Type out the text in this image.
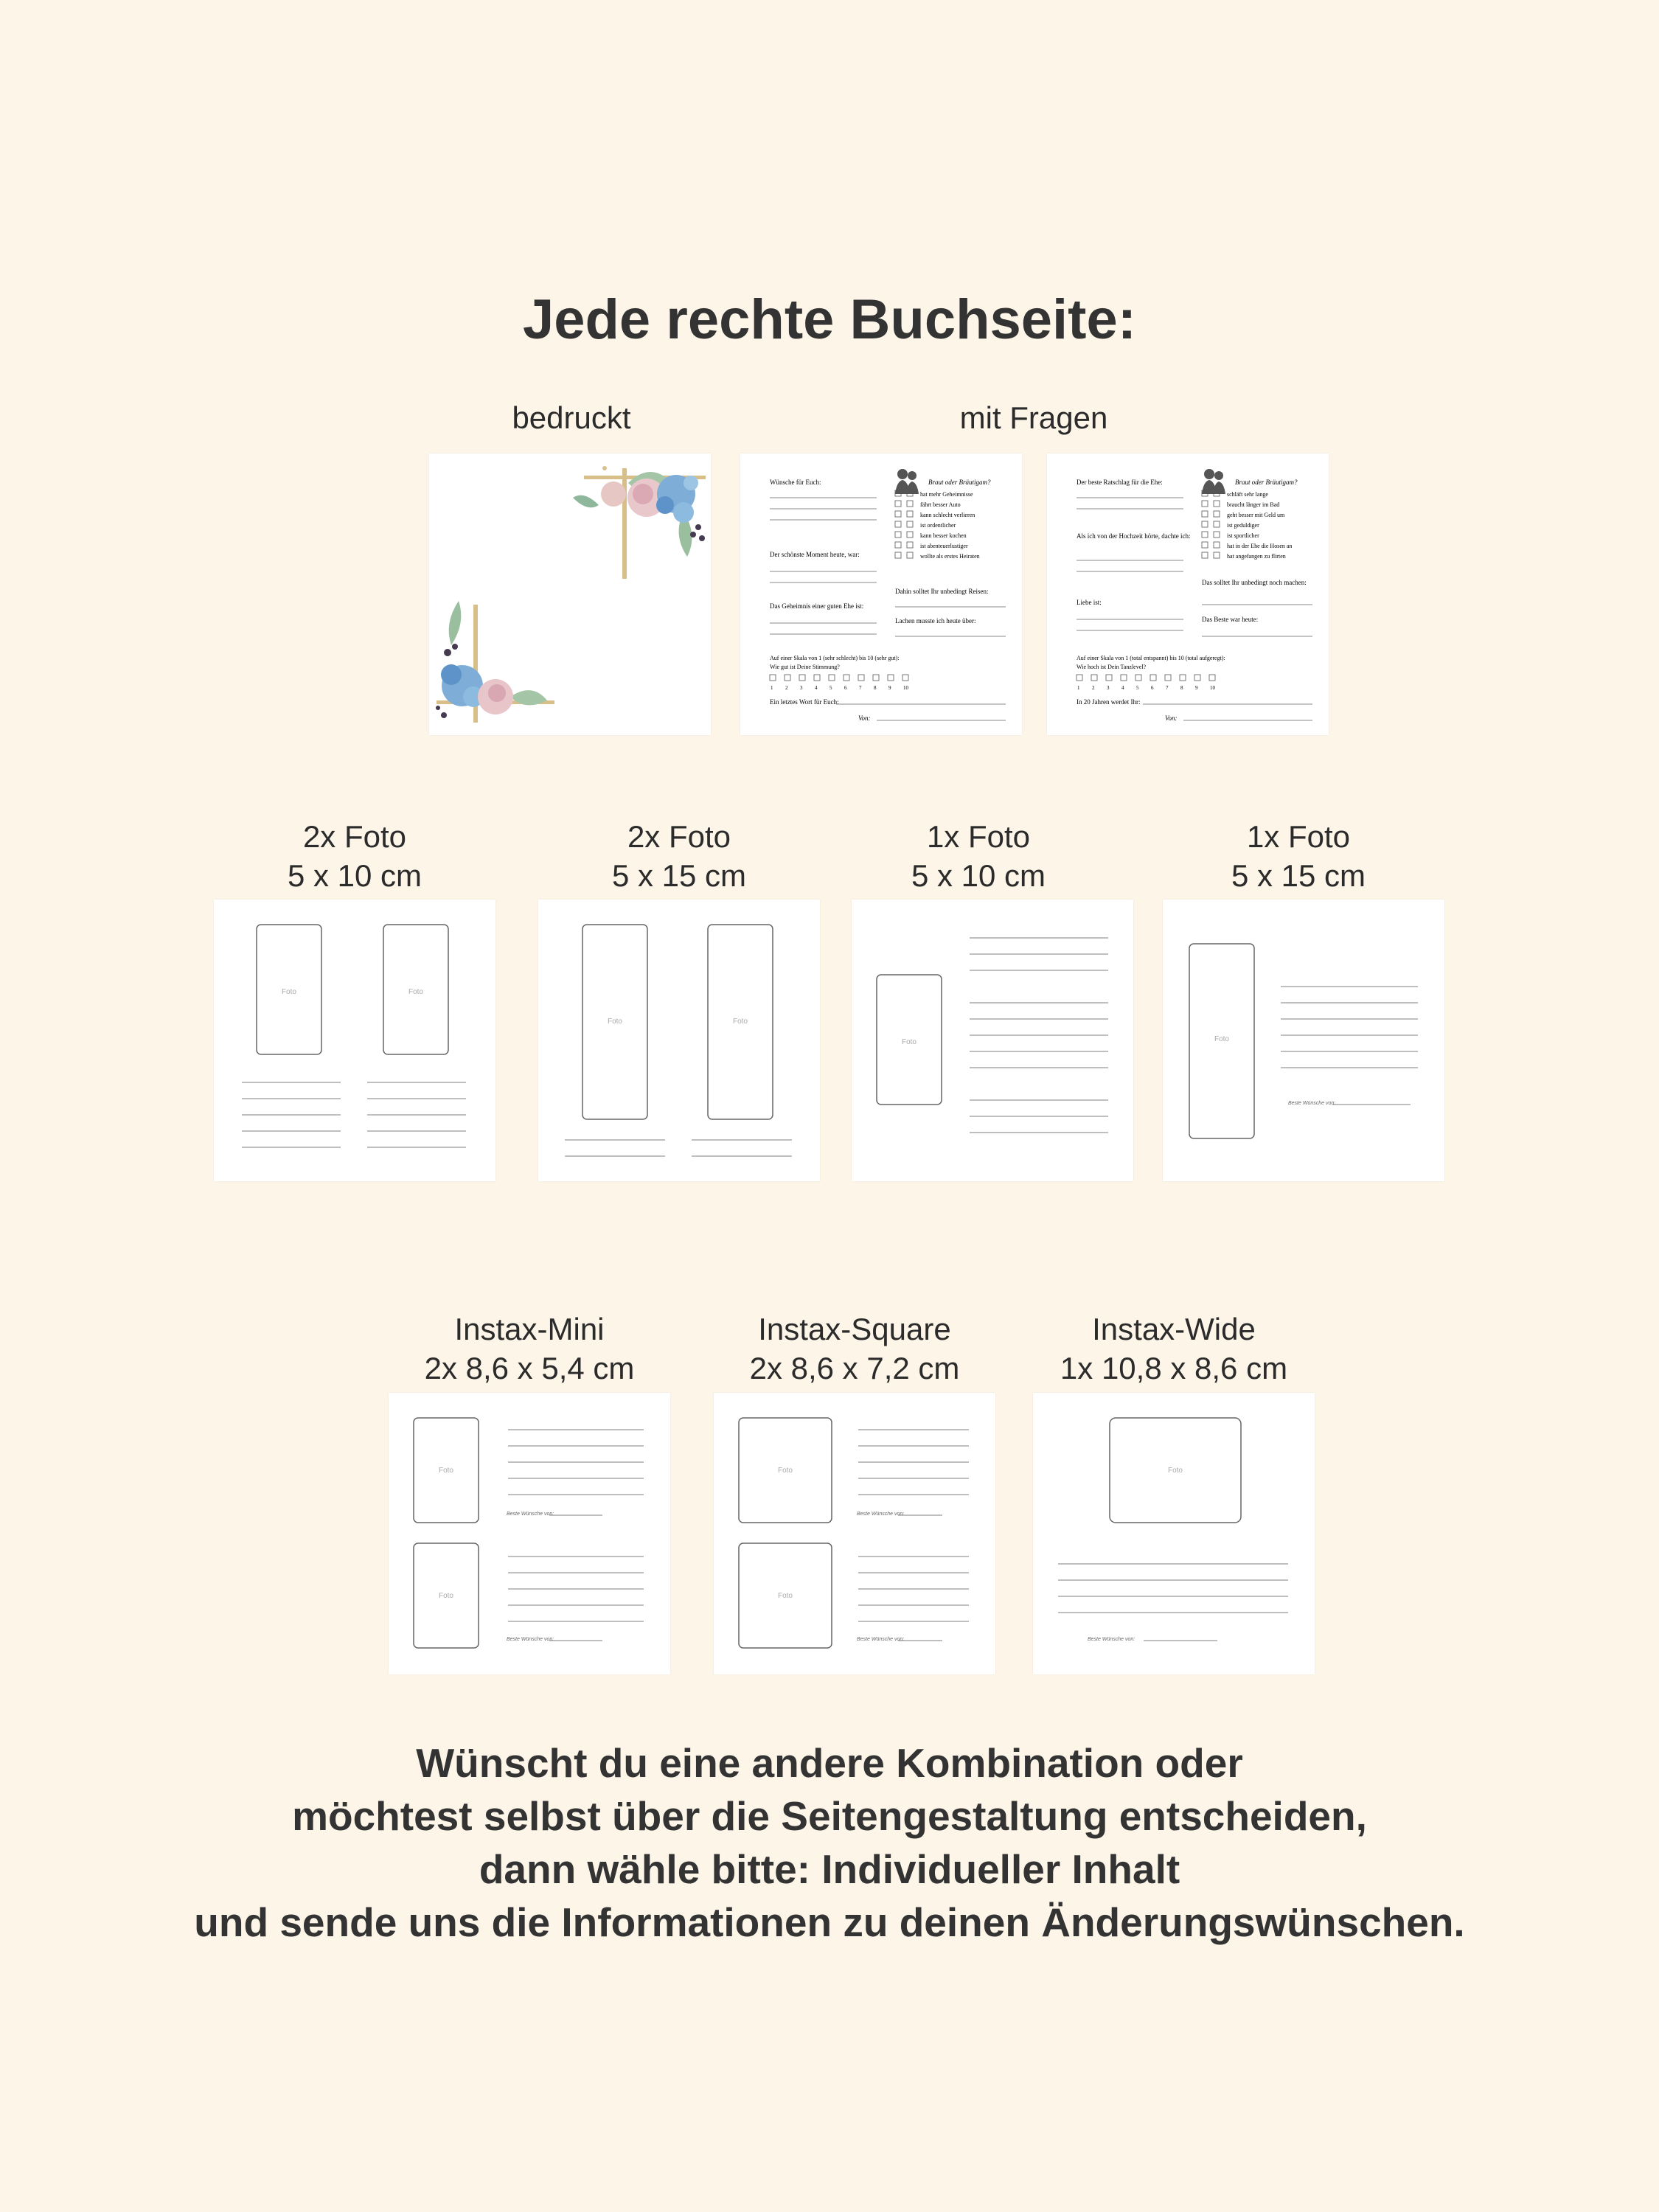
Jede rechte Buchseite:
bedruckt	mit Fragen
Wünsche für Euch:
Der schönste Moment heute, war:
Das Geheimnis einer guten Ehe ist:
Braut oder Bräutigam?
hat mehr Geheimnisse
fährt besser Auto
kann schlecht verlieren
ist ordentlicher
kann besser kochen
ist abenteuerlustiger
wollte als erstes Heiraten
Dahin solltet Ihr unbedingt Reisen:
Lachen musste ich heute über:
Auf einer Skala von 1 (sehr schlecht) bis 10 (sehr gut):
Wie gut ist Deine Stimmung?
1 2 3 4 5 6 7 8 9 10
Ein letztes Wort für Euch:
Von:
Der beste Ratschlag für die Ehe:
Als ich von der Hochzeit hörte, dachte ich:
Liebe ist:
Braut oder Bräutigam?
schläft sehr lange
braucht länger im Bad
geht besser mit Geld um
ist geduldiger
ist sportlicher
hat in der Ehe die Hosen an
hat angefangen zu flirten
Das solltet Ihr unbedingt noch machen:
Das Beste war heute:
Auf einer Skala von 1 (total entspannt) bis 10 (total aufgeregt):
Wie hoch ist Dein Tanzlevel?
1 2 3 4 5 6 7 8 9 10
In 20 Jahren werdet Ihr:
Von:
2x Foto
5 x 10 cm
2x Foto
5 x 15 cm
1x Foto
5 x 10 cm
1x Foto
5 x 15 cm
Foto	Foto
Foto	Foto
Foto	Foto
Beste Wünsche von:
Instax-Mini
2x 8,6 x 5,4 cm
Instax-Square
2x 8,6 x 7,2 cm
Instax-Wide
1x 10,8 x 8,6 cm
Foto
Foto
Beste Wünsche von:
Beste Wünsche von:
Foto
Foto
Beste Wünsche von:
Beste Wünsche von:
Foto
Beste Wünsche von:
Wünscht du eine andere Kombination oder
möchtest selbst über die Seitengestaltung entscheiden,
dann wähle bitte: Individueller Inhalt
und sende uns die Informationen zu deinen Änderungswünschen.
